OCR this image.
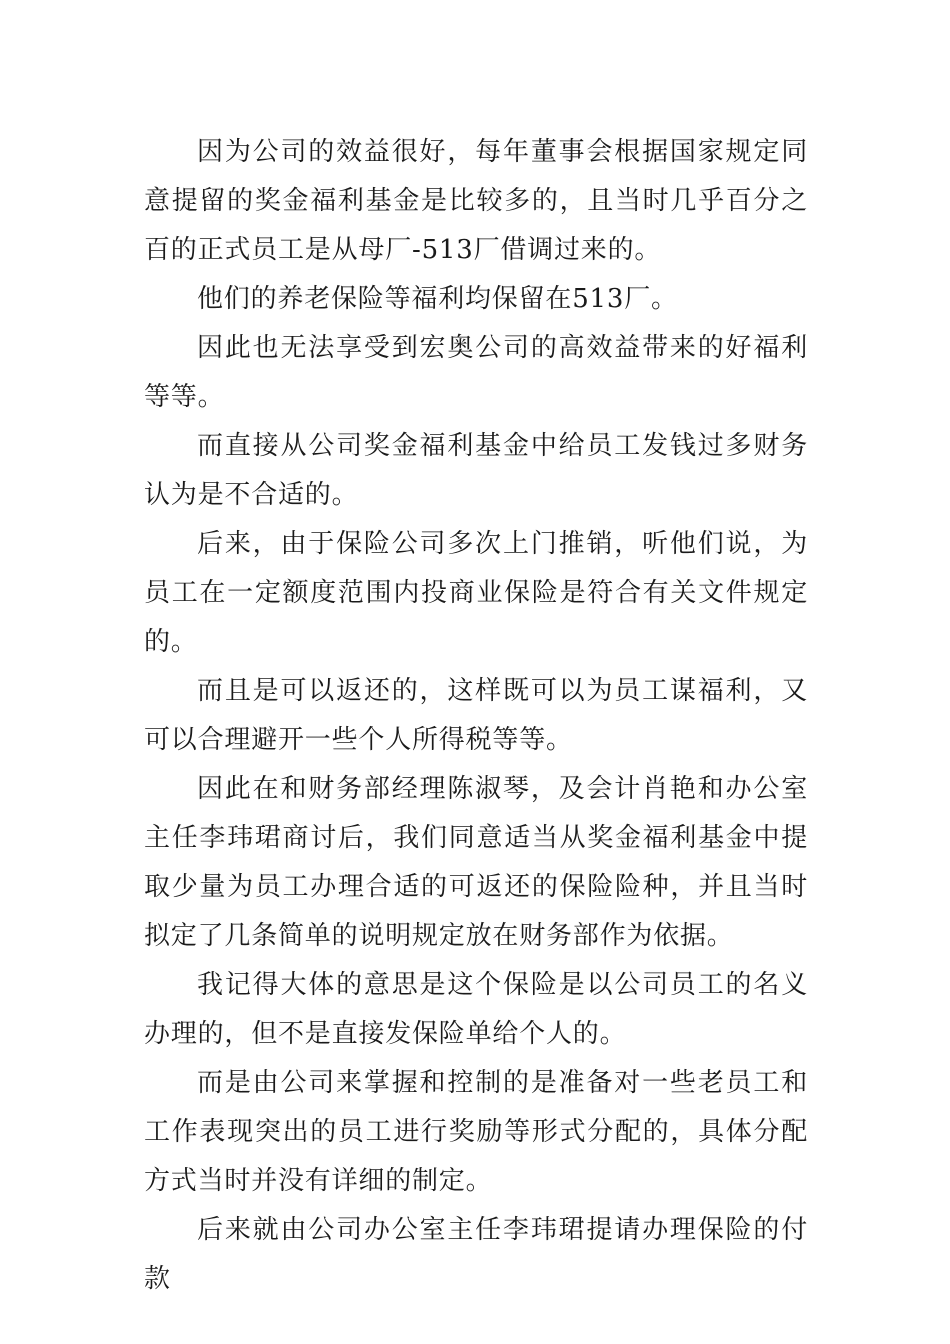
因为公司的效益很好，每年董事会根据国家规定同意提留的奖金福利基金是比较多的，且当时几乎百分之百的正式员工是从母厂-513厂借调过来的。

他们的养老保险等福利均保留在513厂。

因此也无法享受到宏奥公司的高效益带来的好福利等等。

而直接从公司奖金福利基金中给员工发钱过多财务认为是不合适的。

后来，由于保险公司多次上门推销，听他们说，为员工在一定额度范围内投商业保险是符合有关文件规定的。

而且是可以返还的，这样既可以为员工谋福利，又可以合理避开一些个人所得税等等。

因此在和财务部经理陈淑琴，及会计肖艳和办公室主任李玮珺商讨后，我们同意适当从奖金福利基金中提取少量为员工办理合适的可返还的保险险种，并且当时拟定了几条简单的说明规定放在财务部作为依据。

我记得大体的意思是这个保险是以公司员工的名义办理的，但不是直接发保险单给个人的。

而是由公司来掌握和控制的是准备对一些老员工和工作表现突出的员工进行奖励等形式分配的，具体分配方式当时并没有详细的制定。

后来就由公司办公室主任李玮珺提请办理保险的付款
